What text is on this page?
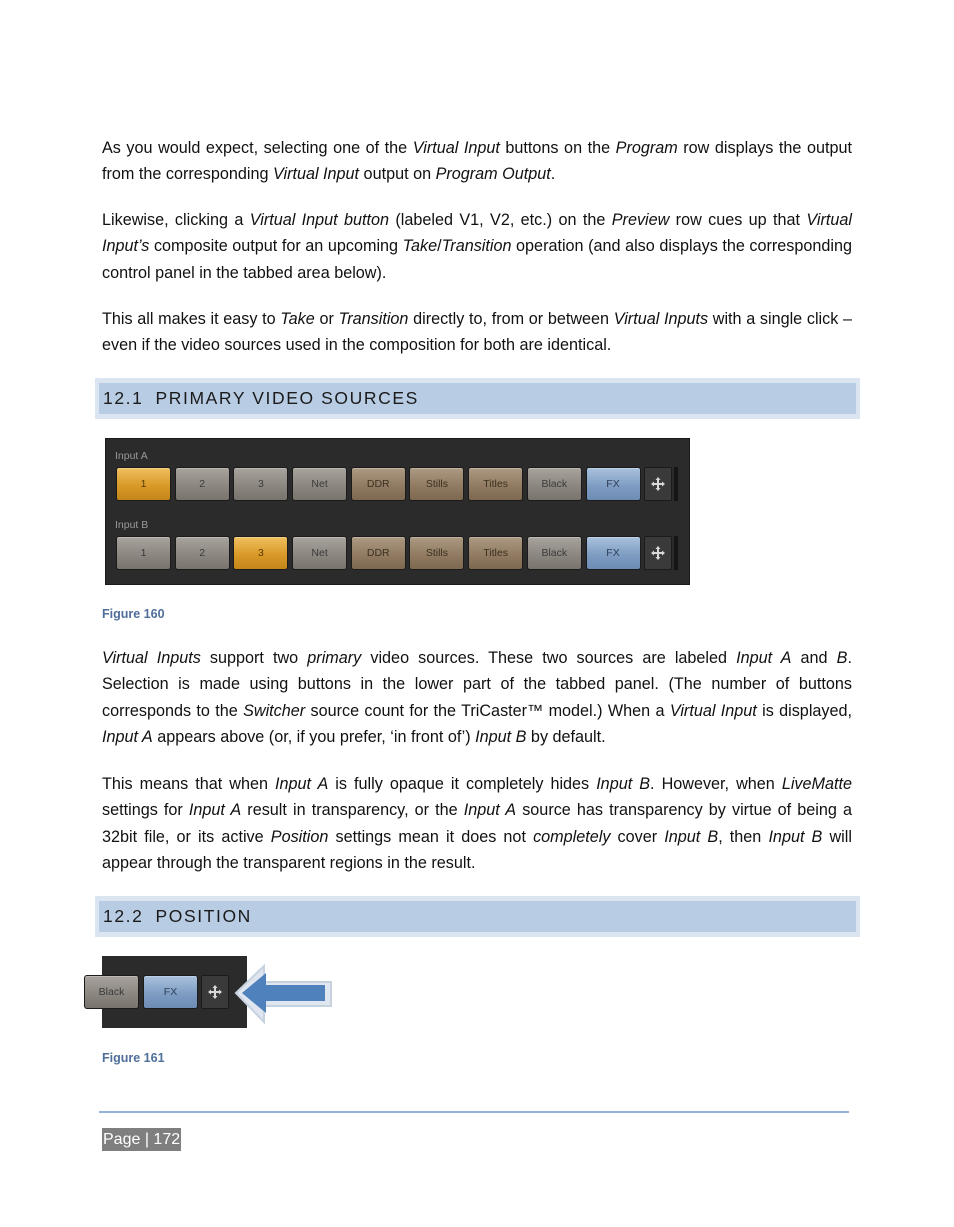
As you would expect, selecting one of the Virtual Input buttons on the Program row displays the output from the corresponding Virtual Input output on Program Output.

Likewise, clicking a Virtual Input button (labeled V1, V2, etc.) on the Preview row cues up that Virtual Input’s composite output for an upcoming Take/Transition operation (and also displays the corresponding control panel in the tabbed area below).

This all makes it easy to Take or Transition directly to, from or between Virtual Inputs with a single click – even if the video sources used in the composition for both are identical.

12.1 PRIMARY VIDEO SOURCES
Input A
1	2	3	Net	DDR	Stills	Titles	Black	FX
Input B
1	2	3	Net	DDR	Stills	Titles	Black	FX
Figure 160

Virtual Inputs support two primary video sources. These two sources are labeled Input A and B. Selection is made using buttons in the lower part of the tabbed panel. (The number of buttons corresponds to the Switcher source count for the TriCaster™ model.) When a Virtual Input is displayed, Input A appears above (or, if you prefer, ‘in front of’) Input B by default.

This means that when Input A is fully opaque it completely hides Input B. However, when LiveMatte settings for Input A result in transparency, or the Input A source has transparency by virtue of being a 32bit file, or its active Position settings mean it does not completely cover Input B, then Input B will appear through the transparent regions in the result.

12.2 POSITION
Black	FX
Figure 161
Page | 172
